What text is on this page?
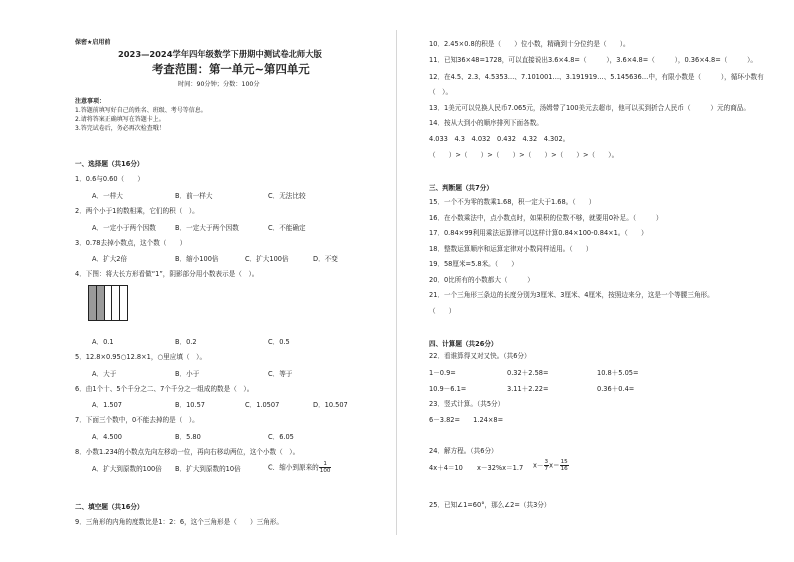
保密★启用前
2023—2024学年四年级数学下册期中测试卷北师大版
考查范围：第一单元~第四单元
时间：90分钟；分数：100分
注意事项：
1.答题前填写好自己的姓名、班级、考号等信息。
2.请将答案正确填写在答题卡上。
3.答完试卷后，务必再次检查哦！
一、选择题（共16分）
1．0.6与0.60（　　）
A．一样大	B．前一样大	C．无法比较
2．两个小于1的数相乘，它们的积（　）。
A．一定小于两个因数	B．一定大于两个因数	C．不能确定
3．0.78去掉小数点，这个数（　　）
A．扩大2倍	B．缩小100倍	C．扩大100倍	D．不变
4．下图：将大长方形看做“1”，阴影部分用小数表示是（　）。
A．0.1	B．0.2	C．0.5
5．12.8×0.95○12.8×1，○里应填（　）。
A．大于	B．小于	C．等于
6．由1个十、5个千分之二、7个千分之一组成的数是（　）。
A．1.507	B．10.57	C．1.0507	D．10.507
7．下面三个数中，0不能去掉的是（　）。
A．4.500	B．5.80	C．6.05
8．小数1.234的小数点先向左移动一位，再向右移动两位，这个小数（　）。
A．扩大到原数的100倍 B．扩大到原数的10倍	C．缩小到原来的 $\frac{1}{100}$
二、填空题（共16分）
9．三角形的内角的度数比是1：2：6，这个三角形是（　　）三角形。
10．2.45×0.8的积是（　　）位小数，精确到十分位约是（　　）。
11．已知36×48=1728，可以直接说出3.6×4.8=（　　　），3.6×4.8=（　　　），0.36×4.8=（　　　）。
12．在4.5、2.3、4.5353…、7.101001…、3.191919…、5.145636…中，有限小数是（　　　），循环小数有
（　）。
13．1美元可以兑换人民币7.065元，汤姆带了100美元去超市，他可以买到折合人民币（　　　）元的商品。
14．按从大到小的顺序排列下面各数。
4.033　4.3　4.032　0.432　4.32　4.302。
（　　）>（　　）>（　　）>（　　）>（　　）>（　　）。
三、判断题（共7分）
15．一个不为零的数乘1.68，积一定大于1.68。（　　）
16．在小数乘法中，点小数点时，如果积的位数不够，就要用0补足。（　　　）
17．0.84×99利用乘法运算律可以这样计算0.84×100-0.84×1。（　　）
18．整数运算顺序和运算定律对小数同样适用。（　　）
19．58厘米=5.8米。（　　）
20．0比所有的小数都大（　　　）
21．一个三角形三条边的长度分别为3厘米、3厘米、4厘米，按照边来分，这是一个等腰三角形。
（　　）
四、计算题（共26分）
22．看谁算得又对又快。（共6分）
1－0.9=	0.32＋2.58=	10.8＋5.05=
10.9－6.1=	3.11＋2.22=	0.36＋0.4=
23．竖式计算。（共5分）
6－3.82=　　1.24×8=
24．解方程。（共6分）
4x＋4＝10 x－32%x＝1.7 $x- \frac{3}{7} x= \frac{15}{16}$
25．已知∠1=60°，那么∠2=（共3分）
